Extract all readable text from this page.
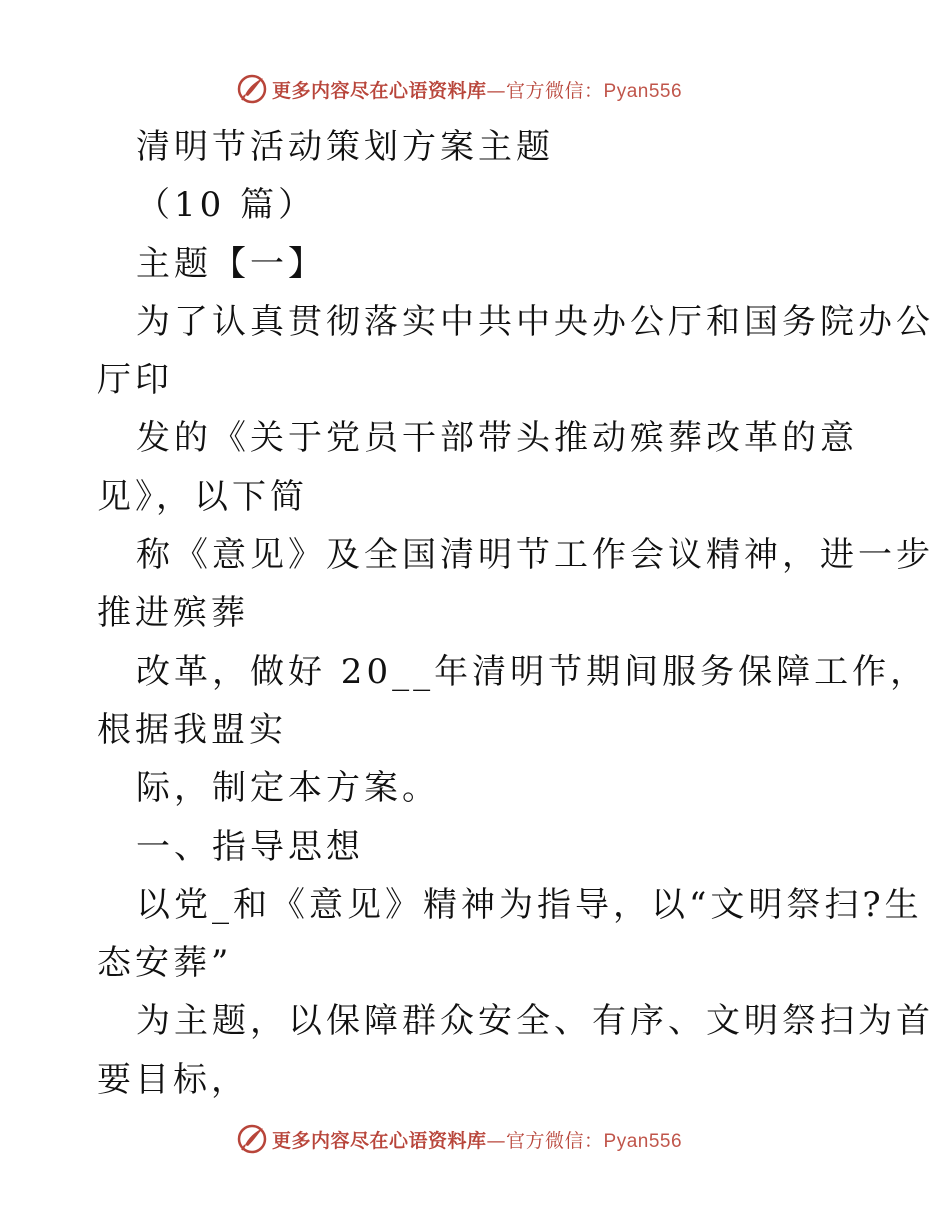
更多内容尽在心语资料库—官方微信：Pyan556
清明节活动策划方案主题
（10 篇）
主题【一】
为了认真贯彻落实中共中央办公厅和国务院办公
厅印
发的《关于党员干部带头推动殡葬改革的意
见》，以下简
称《意见》及全国清明节工作会议精神，进一步
推进殡葬
改革，做好 20__年清明节期间服务保障工作，
根据我盟实
际，制定本方案。
一、指导思想
以党_和《意见》精神为指导，以“文明祭扫?生
态安葬”
为主题，以保障群众安全、有序、文明祭扫为首
要目标，
更多内容尽在心语资料库—官方微信：Pyan556
